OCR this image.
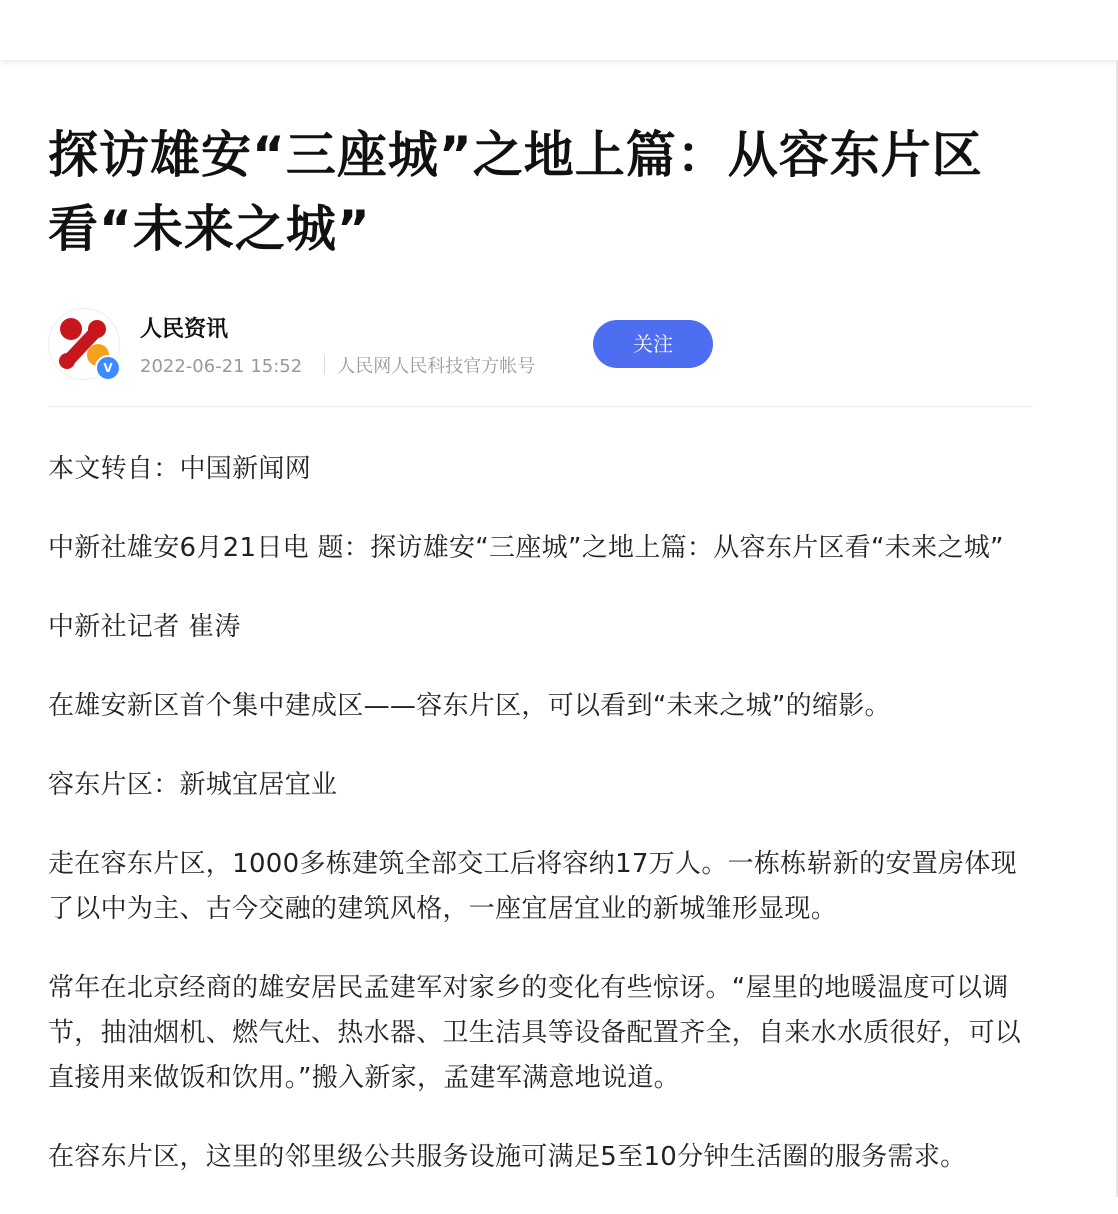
探访雄安“三座城”之地上篇：从容东片区看“未来之城”
V
人民资讯
2022-06-21 15:52 人民网人民科技官方帐号
关注

本文转自：中国新闻网

中新社雄安6月21日电 题：探访雄安“三座城”之地上篇：从容东片区看“未来之城”

中新社记者 崔涛

在雄安新区首个集中建成区——容东片区，可以看到“未来之城”的缩影。

容东片区：新城宜居宜业

走在容东片区，1000多栋建筑全部交工后将容纳17万人。一栋栋崭新的安置房体现了以中为主、古今交融的建筑风格，一座宜居宜业的新城雏形显现。

常年在北京经商的雄安居民孟建军对家乡的变化有些惊讶。“屋里的地暖温度可以调节，抽油烟机、燃气灶、热水器、卫生洁具等设备配置齐全，自来水水质很好，可以直接用来做饭和饮用。”搬入新家，孟建军满意地说道。

在容东片区，这里的邻里级公共服务设施可满足5至10分钟生活圈的服务需求。
